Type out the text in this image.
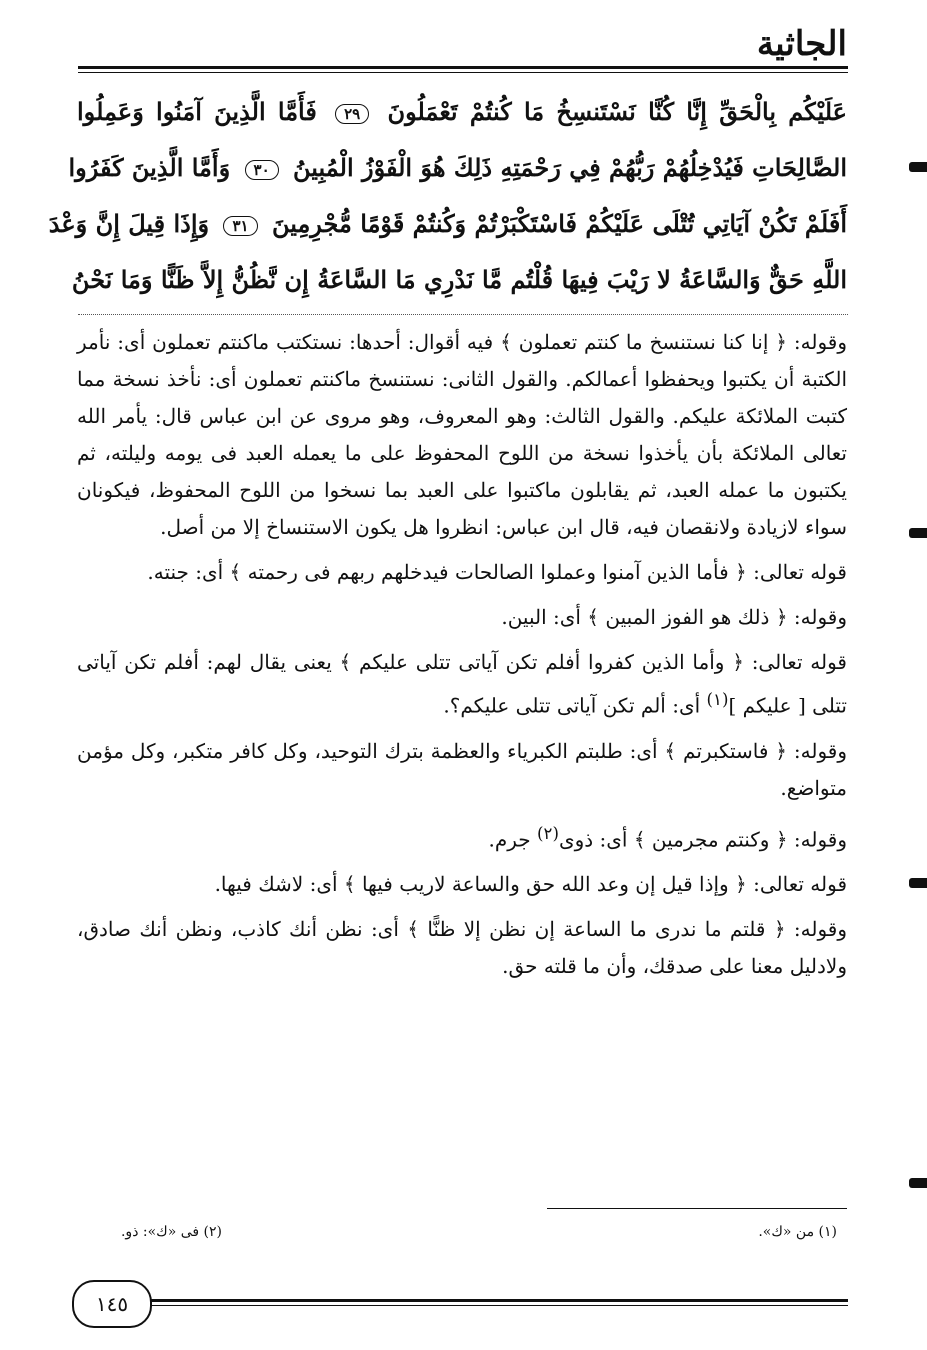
الجاثية
عَلَيْكُم بِالْحَقِّ إِنَّا كُنَّا نَسْتَنسِخُ مَا كُنتُمْ تَعْمَلُونَ ٢٩ فَأَمَّا الَّذِينَ آمَنُوا وَعَمِلُوا
الصَّالِحَاتِ فَيُدْخِلُهُمْ رَبُّهُمْ فِي رَحْمَتِهِ ذَلِكَ هُوَ الْفَوْزُ الْمُبِينُ ٣٠ وَأَمَّا الَّذِينَ كَفَرُوا
أَفَلَمْ تَكُنْ آيَاتِي تُتْلَى عَلَيْكُمْ فَاسْتَكْبَرْتُمْ وَكُنتُمْ قَوْمًا مُّجْرِمِينَ ٣١ وَإِذَا قِيلَ إِنَّ وَعْدَ
اللَّهِ حَقٌّ وَالسَّاعَةُ لا رَيْبَ فِيهَا قُلْتُم مَّا نَدْرِي مَا السَّاعَةُ إِن نَّظُنُّ إِلاَّ ظَنًّا وَمَا نَحْنُ

وقوله: ﴿ إنا كنا نستنسخ ما كنتم تعملون ﴾ فيه أقوال: أحدها: نستكتب ماكنتم تعملون أى: نأمر الكتبة أن يكتبوا ويحفظوا أعمالكم. والقول الثانى: نستنسخ ماكنتم تعملون أى: نأخذ نسخة مما كتبت الملائكة عليكم. والقول الثالث: وهو المعروف، وهو مروى عن ابن عباس قال: يأمر الله تعالى الملائكة بأن يأخذوا نسخة من اللوح المحفوظ على ما يعمله العبد فى يومه وليلته، ثم يكتبون ما عمله العبد، ثم يقابلون ماكتبوا على العبد بما نسخوا من اللوح المحفوظ، فيكونان سواء لازيادة ولانقصان فيه، قال ابن عباس: انظروا هل يكون الاستنساخ إلا من أصل.

قوله تعالى: ﴿ فأما الذين آمنوا وعملوا الصالحات فيدخلهم ربهم فى رحمته ﴾ أى: جنته.

وقوله: ﴿ ذلك هو الفوز المبين ﴾ أى: البين.

قوله تعالى: ﴿ وأما الذين كفروا أفلم تكن آياتى تتلى عليكم ﴾ يعنى يقال لهم: أفلم تكن آياتى تتلى [ عليكم ]$^{(١)}$ أى: ألم تكن آياتى تتلى عليكم؟.

وقوله: ﴿ فاستكبرتم ﴾ أى: طلبتم الكبرياء والعظمة بترك التوحيد، وكل كافر متكبر، وكل مؤمن متواضع.

وقوله: ﴿ وكنتم مجرمين ﴾ أى: ذوى$^{(٢)}$ جرم.

قوله تعالى: ﴿ وإذا قيل إن وعد الله حق والساعة لاريب فيها ﴾ أى: لاشك فيها.

وقوله: ﴿ قلتم ما ندرى ما الساعة إن نظن إلا ظنًّا ﴾ أى: نظن أنك كاذب، ونظن أنك صادق، ولادليل معنا على صدقك، وأن ما قلته حق.

(١) من «ك».
(٢) فى «ك»: ذو.
١٤٥
